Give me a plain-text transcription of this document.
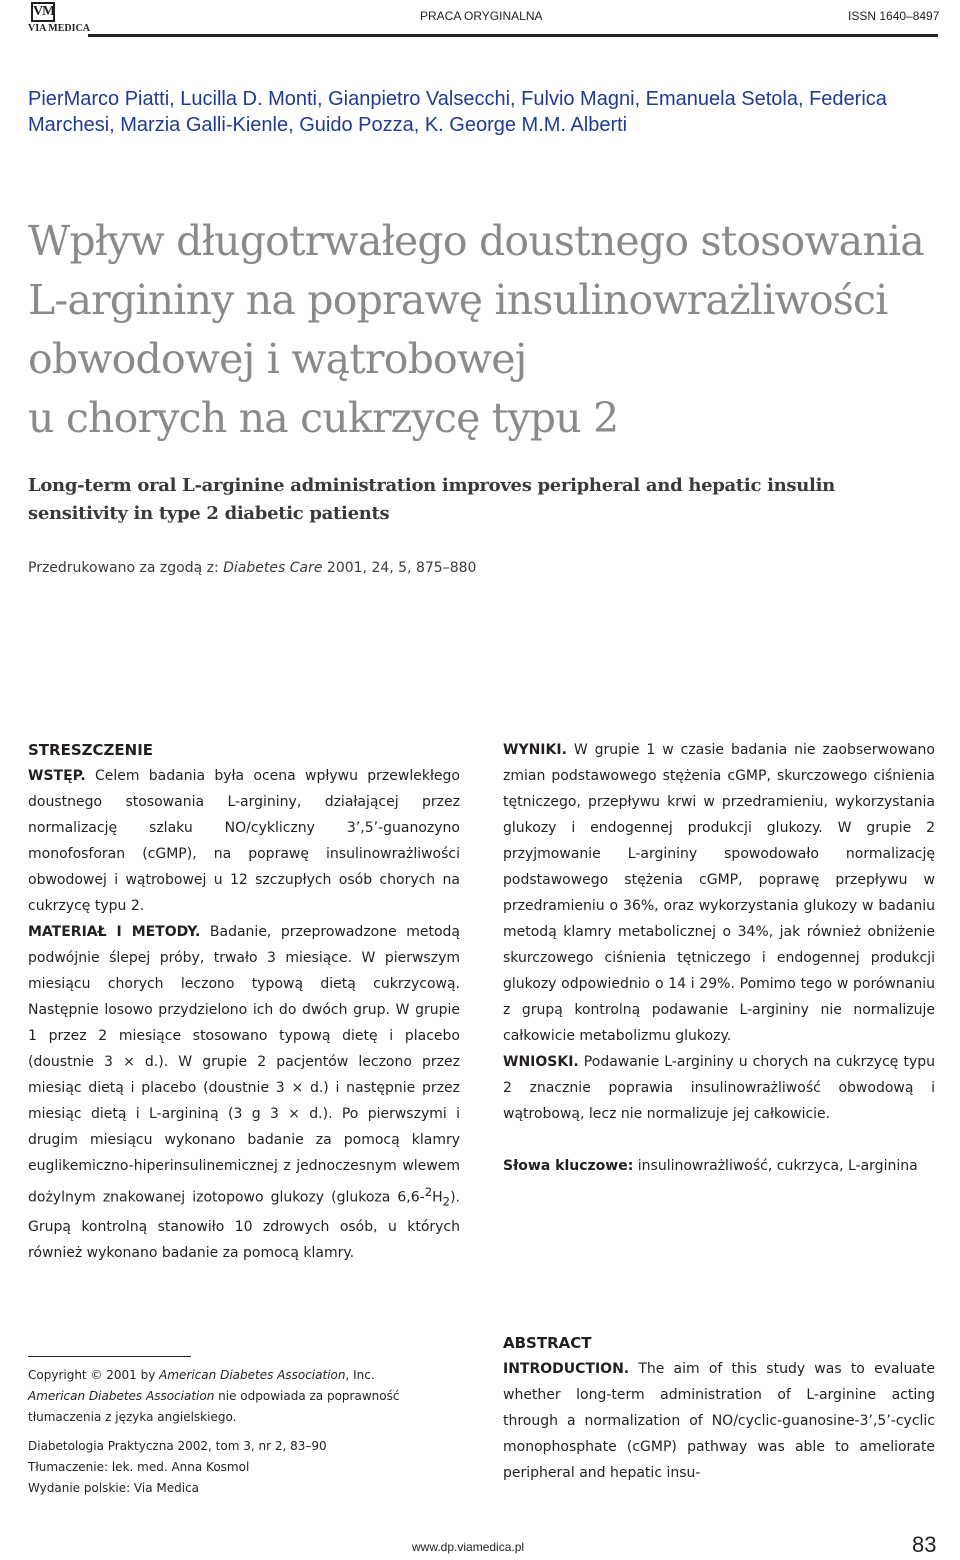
VM
VIA MEDICA
PRACA ORYGINALNA	ISSN 1640–8497
PierMarco Piatti, Lucilla D. Monti, Gianpietro Valsecchi, Fulvio Magni, Emanuela Setola, Federica Marchesi, Marzia Galli-Kienle, Guido Pozza, K. George M.M. Alberti
Wpływ długotrwałego doustnego stosowania
L-argininy na poprawę insulinowrażliwości
obwodowej i wątrobowej
u chorych na cukrzycę typu 2
Long-term oral L-arginine administration improves peripheral and hepatic insulin sensitivity in type 2 diabetic patients
Przedrukowano za zgodą z: Diabetes Care 2001, 24, 5, 875–880

STRESZCZENIE

WSTĘP. Celem badania była ocena wpływu przewlekłego doustnego stosowania L-argininy, działającej przez normalizację szlaku NO/cykliczny 3’,5’-guanozyno monofosforan (cGMP), na poprawę insulinowrażliwości obwodowej i wątrobowej u 12 szczupłych osób chorych na cukrzycę typu 2.

MATERIAŁ I METODY. Badanie, przeprowadzone metodą podwójnie ślepej próby, trwało 3 miesiące. W pierwszym miesiącu chorych leczono typową dietą cukrzycową. Następnie losowo przydzielono ich do dwóch grup. W grupie 1 przez 2 miesiące stosowano typową dietę i placebo (doustnie 3 × d.). W grupie 2 pacjentów leczono przez miesiąc dietą i placebo (doustnie 3 × d.) i następnie przez miesiąc dietą i L-argininą (3 g 3 × d.). Po pierwszymi i drugim miesiącu wykonano badanie za pomocą klamry euglikemiczno-hiperinsulinemicznej z jednoczesnym wlewem dożylnym znakowanej izotopowo glukozy (glukoza $6,6-^2H_2$). Grupą kontrolną stanowiło 10 zdrowych osób, u których również wykonano badanie za pomocą klamry.

WYNIKI. W grupie 1 w czasie badania nie zaobserwowano zmian podstawowego stężenia cGMP, skurczowego ciśnienia tętniczego, przepływu krwi w przedramieniu, wykorzystania glukozy i endogennej produkcji glukozy. W grupie 2 przyjmowanie L-argininy spowodowało normalizację podstawowego stężenia cGMP, poprawę przepływu w przedramieniu o 36%, oraz wykorzystania glukozy w badaniu metodą klamry metabolicznej o 34%, jak również obniżenie skurczowego ciśnienia tętniczego i endogennej produkcji glukozy odpowiednio o 14 i 29%. Pomimo tego w porównaniu z grupą kontrolną podawanie L-argininy nie normalizuje całkowicie metabolizmu glukozy.

WNIOSKI. Podawanie L-argininy u chorych na cukrzycę typu 2 znacznie poprawia insulinowrażliwość obwodową i wątrobową, lecz nie normalizuje jej całkowicie.

Słowa kluczowe: insulinowrażliwość, cukrzyca, L-arginina

ABSTRACT

INTRODUCTION. The aim of this study was to evaluate whether long-term administration of L-arginine acting through a normalization of NO/cyclic-guanosine-3’,5’-cyclic monophosphate (cGMP) pathway was able to ameliorate peripheral and hepatic insu-

Copyright © 2001 by American Diabetes Association, Inc.

American Diabetes Association nie odpowiada za poprawność tłumaczenia z języka angielskiego.

Diabetologia Praktyczna 2002, tom 3, nr 2, 83–90

Tłumaczenie: lek. med. Anna Kosmol

Wydanie polskie: Via Medica

www.dp.viamedica.pl	83
